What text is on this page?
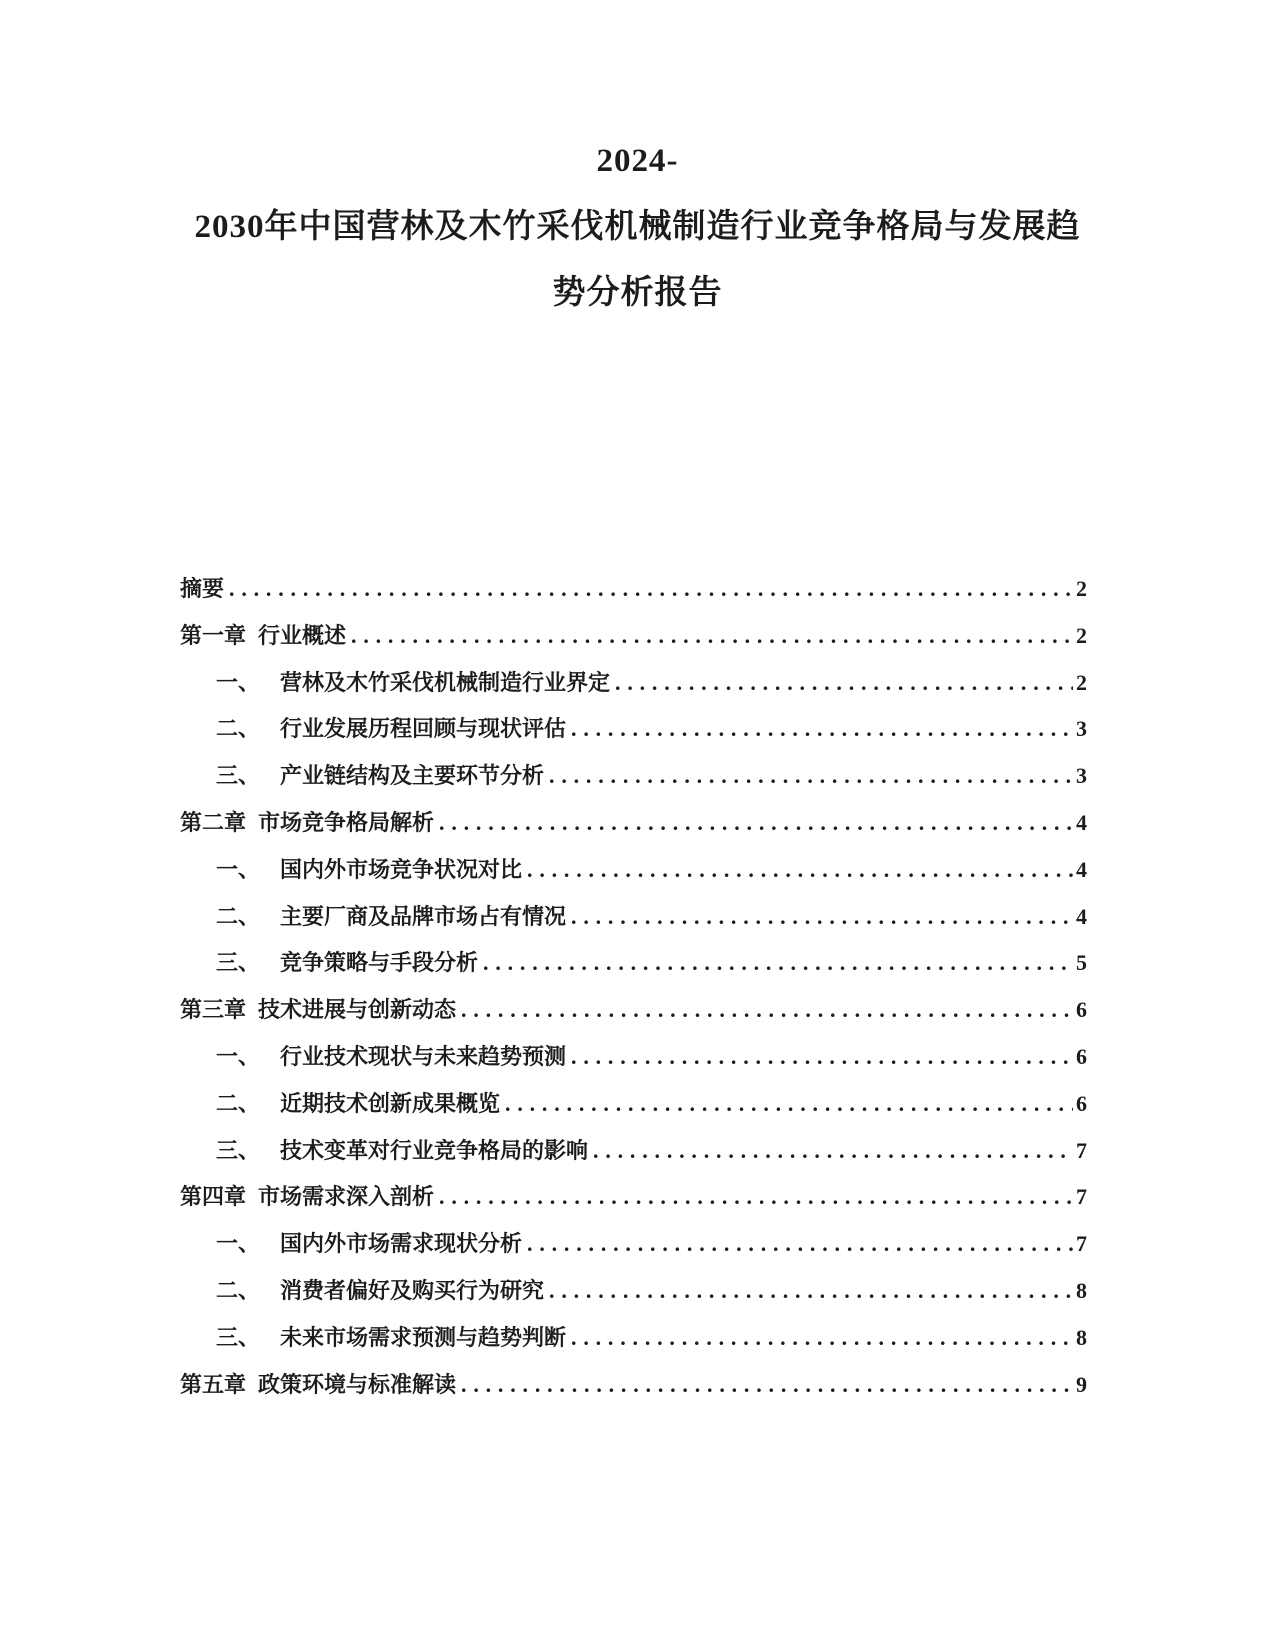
2024-
2030年中国营林及木竹采伐机械制造行业竞争格局与发展趋
势分析报告
摘要 .....	2
第一章 行业概述 .....	2
一、 营林及木竹采伐机械制造行业界定 .....	2
二、 行业发展历程回顾与现状评估 .....	3
三、 产业链结构及主要环节分析 .....	3
第二章 市场竞争格局解析 .....	4
一、 国内外市场竞争状况对比 .....	4
二、 主要厂商及品牌市场占有情况 .....	4
三、 竞争策略与手段分析 .....	5
第三章 技术进展与创新动态 .....	6
一、 行业技术现状与未来趋势预测 .....	6
二、 近期技术创新成果概览 .....	6
三、 技术变革对行业竞争格局的影响 .....	7
第四章 市场需求深入剖析 .....	7
一、 国内外市场需求现状分析 .....	7
二、 消费者偏好及购买行为研究 .....	8
三、 未来市场需求预测与趋势判断 .....	8
第五章 政策环境与标准解读 .....	9
